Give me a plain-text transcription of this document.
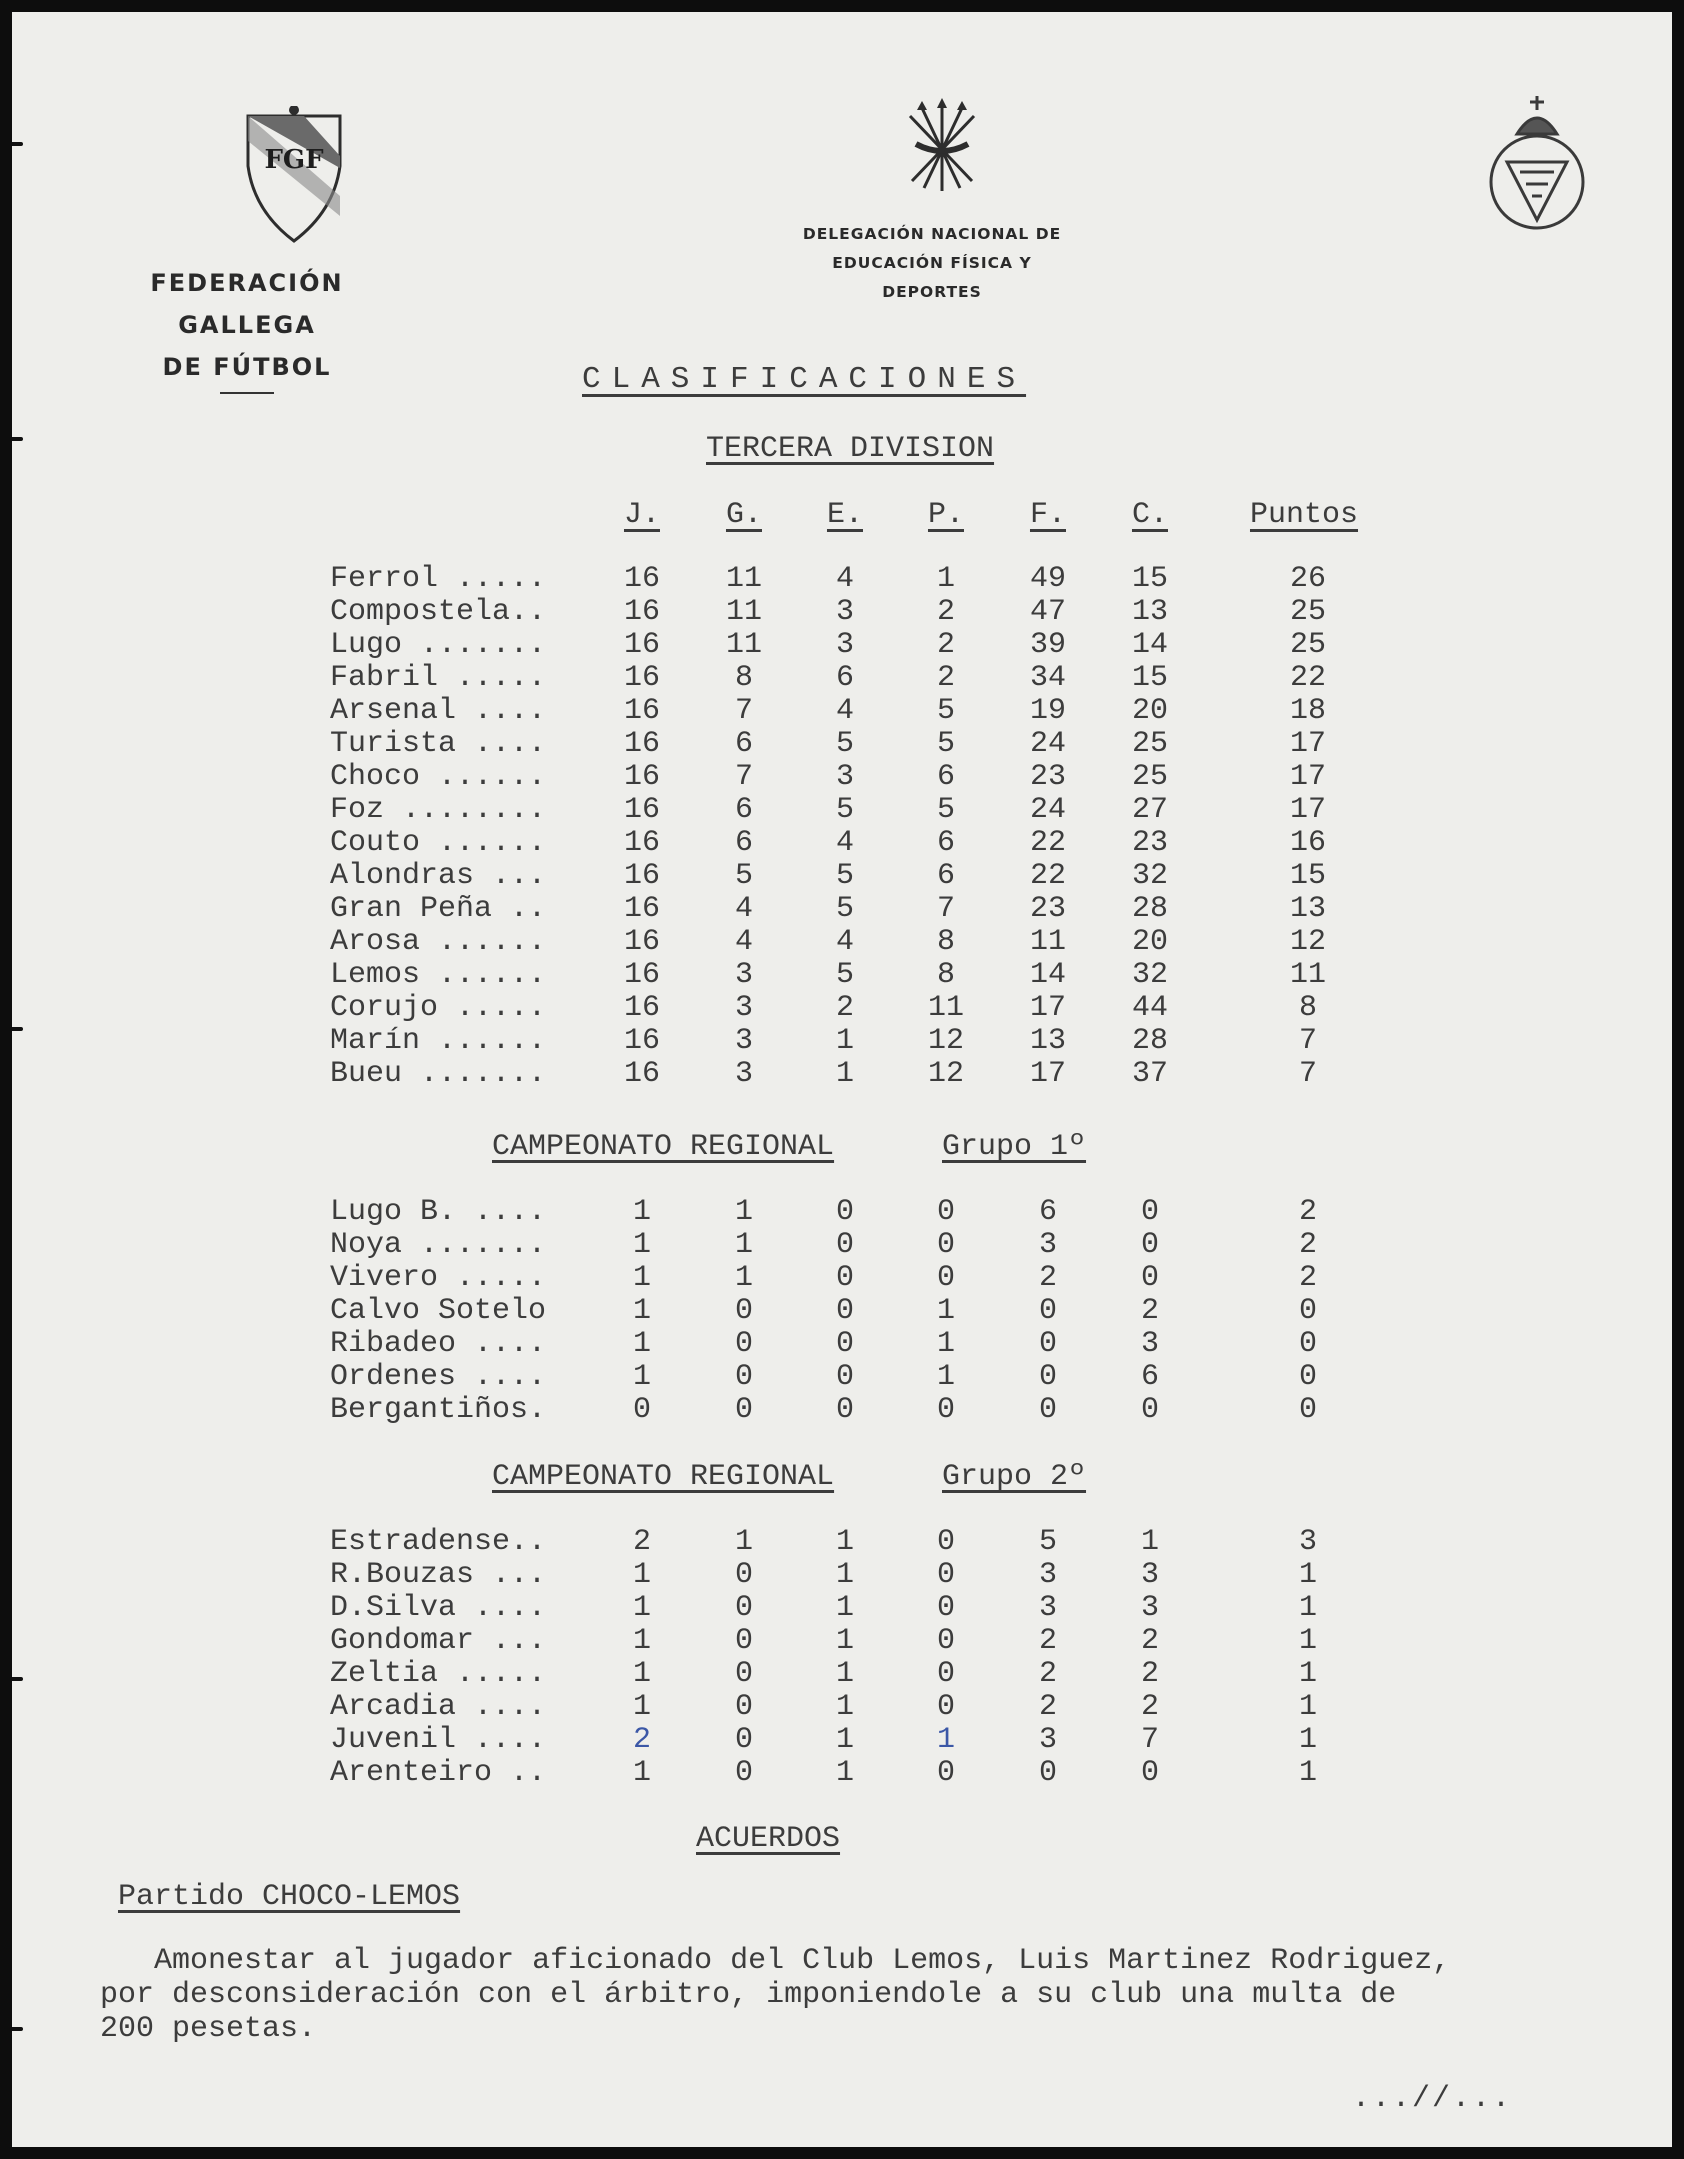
FGF
FEDERACIÓN GALLEGA
DE FÚTBOL
DELEGACIÓN NACIONAL DE
EDUCACIÓN FÍSICA Y DEPORTES
CLASIFICACIONES
TERCERA DIVISION
CAMPEONATO REGIONAL	Grupo 1º
CAMPEONATO REGIONAL	Grupo 2º
ACUERDOS
Partido CHOCO-LEMOS
Amonestar al jugador aficionado del Club Lemos, Luis Martinez Rodriguez,
por desconsideración con el árbitro, imponiendole a su club una multa de
200 pesetas.
...//...
J.	G.	E.	P.	F.	C.	Puntos
Ferrol .....	16	11	4	1	49	15	26
Compostela..	16	11	3	2	47	13	25
Lugo .......	16	11	3	2	39	14	25
Fabril .....	16	8	6	2	34	15	22
Arsenal ....	16	7	4	5	19	20	18
Turista ....	16	6	5	5	24	25	17
Choco ......	16	7	3	6	23	25	17
Foz ........	16	6	5	5	24	27	17
Couto ......	16	6	4	6	22	23	16
Alondras ...	16	5	5	6	22	32	15
Gran Peña ..	16	4	5	7	23	28	13
Arosa ......	16	4	4	8	11	20	12
Lemos ......	16	3	5	8	14	32	11
Corujo .....	16	3	2	11	17	44	8
Marín ......	16	3	1	12	13	28	7
Bueu .......	16	3	1	12	17	37	7
Lugo B. ....	1	1	0	0	6	0	2
Noya .......	1	1	0	0	3	0	2
Vivero .....	1	1	0	0	2	0	2
Calvo Sotelo	1	0	0	1	0	2	0
Ribadeo ....	1	0	0	1	0	3	0
Ordenes ....	1	0	0	1	0	6	0
Bergantiños.	0	0	0	0	0	0	0
Estradense..	2	1	1	0	5	1	3
R.Bouzas ...	1	0	1	0	3	3	1
D.Silva ....	1	0	1	0	3	3	1
Gondomar ...	1	0	1	0	2	2	1
Zeltia .....	1	0	1	0	2	2	1
Arcadia ....	1	0	1	0	2	2	1
Juvenil ....	2	0	1	1	3	7	1
Arenteiro ..	1	0	1	0	0	0	1
